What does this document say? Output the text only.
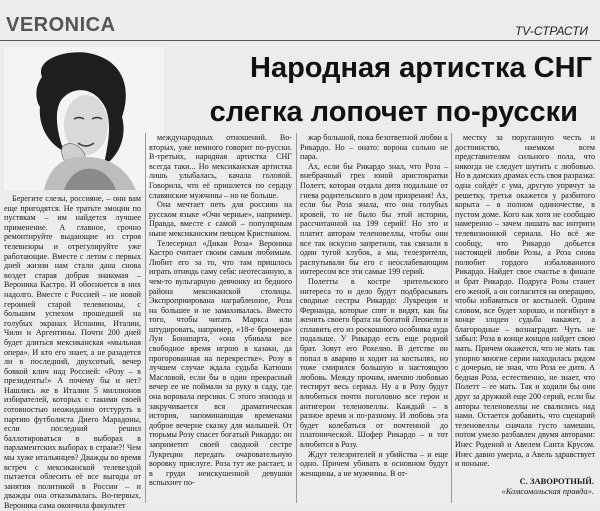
VERONICA	TV-СТРАСТИ
Народная артистка СНГ
слегка лопочет по-русски

Берегите слезы, россияне, – они вам еще пригодятся. Не тратьте эмоции по пустякам – им найдется лучшее применение. А главное, срочно ремонтируйте выдающие из строя телевизоры и отрегулируйте уже работающие. Вместе с летом с первых дней жизни нам стали дана снова воздет старая добрая знакомая – Вероника Кастро. И обосноется в них надолго. Вместе с Россией – не новой героиней старой телевизоны, с большим успехом прошедшей на голубых экранах Испании, Италии, Чили и Аргентины. Почти 200 дней будет длиться мексиканская «мыльная опера». И кто его знает, а не разадется ли в последний, двухсотый, вечер бовкой клич над Россией: «Розу – в президенты!» А почему бы и нет? Нашлись же в Италии 5 миллионов избирателей, которых с такими своей готовностью неожиданно отстуруть в партию футболиста Диего Марадоны, если последний решил баллотироваться в выборах в парламентских выборах в стране?! Чем мы хуже итальянцев? Дважды во время встреч с мексиканской телевездой пытается облесить её все выгоды от занятия политикой в России – и дважды она отказывалась. Во-первых, Вероника сама окончила факультет

международных отношений. Во-вторых, уже немного говорит по-русски. В-третьих, народная артистка СНГ всегда таки... Но мексиканская артистка лишь улыбалась, качала головой. Говорила, что её пришлется по сердцу славянские мужчины – но не больше.

Она мечтает петь для россиян на русском языке «Очи черные», например. Правда, вместе с самой – популярным ныне мексиканским певцом Кристианом.

Телесериал «Дикая Роза» Вероника Кастро считает своим самым любимым. Любит его за то, что там пришлось играть отнюдь саму себя: неотесанную, в чем-то вульгарную девчонку из бедного района мексиканской столицы. Экспроприирована награбленное, Роза на большее и не замахивалась. Вместо того, чтобы читать Маркса или штудировать, например, «18-е брюмера» Луи Бонапарта, «она убивала все свободное время игрою в казаки, да прогорованная на перекрестке». Розу в лучшем случае ждала судьба Катюши Масловой, если бы в один прекрасный вечер ее не поймали за руку в саду, где она воровала персики. С этого эпизода и закручивается вся драматическая история, напоминающая временами доброе вечерне сказку для малышей. От тюрьмы Розу спасет богатый Рикардо: он заприметит своей сводной сестре Лукреции передать очаровательную воровку прислуге. Роза тут же растает, и в груди неискушенной девушки вспыхнет по-

жар большой, пока безответной любви к Рикардо. Но – онато: ворона сольно не пара.

Ах, если бы Рикардо знал, что Роза – внебрачный грех юной аристократки Полетт, которая отдала дитя подальше от гнева родительского в дом призрения! Ах, если бы Роза знала, что она голубых кровей, то не было бы этой истории, рассчитанной на 199 серий! Но это и платит авторам теленовеллы, чтобы они все так искусно запретили, так связали в один тугой клубок, а мы, телезрители, распутывали бы его с неослабевающим интересом все эти самые 199 серий.

Полетты в костре зрительского интереса то и дело будут подбрасывать сводные сестры Рикардо: Лукреция и Фернанда, которые спят и видят, как бы женить своего брата на богатой Леонели и сплавить его из роскошного особняка куда подальше. У Рикардо есть еще родной брат. Зовут его Рохелио. В детстве он попал в аварию и ходит на костылях, но тоже смирился большую и настоящую любовь. Между прочим, именно любовью тестирут весь сериал. Ну а в Розу будут влюбиться почти поголовно все герои и антигерои теленовеллы. Каждый – в разное время и по-разному. И любовь эта будет колебаться от почтенной до платонической. Шофер Рикардо – и тот влюбится в Розу.

Ждут телезрителей и убийства – и еще одно. Причем убивать в основном будут женщины, а не мужчины. В от-

местку за поруганную честь и достоинство, наемком всем представителям сильного пола, что никогда не следует шутить с любовью. Но в дамских драмах есть своя разразка: одна сойдёт с ума, другую упрячут за решетку, третья окажется у разбитого корыта – в полном одиночестве, в пустом доме. Кого как хотя не сообщаю намеренно – зачем лишать вас интриги телевизионной сериала. Но всё же сообщу, что Рикардо добьется настоящей любви Розы, а Роза снова полюбит гордого избалованного Рикардо. Найдет свое счастье в финале и брат Рикардо. Подруга Розы станет его женой, а он согласится на операцию, чтобы избавиться от костылей. Одним словом, все будет хорошо, и погибнут в конце злодеи судьба накажет, а благородные – вознаградят. Чуть не забыл: Роза в конце концов найдет свою мать. Причем окажется, что не мать так упорно многие серии находилась рядом с дочерью, не зная, что Роза ее дитя. А бедная Роза, естественно, не знает, что Полетт – ее мать. Так и ходили бы они друг за дружкой еще 200 серий, если бы авторы теленовеллы не свалились над нами. Остается добавить, что сценарий теленовеллы сначала густо замешан, потом умело разбавлен двумя авторами: Инес Роденой и Авелем Санта Крусом. Инес давно умерла, а Авель здравствует и поныне.

С. ЗАВОРОТНЫЙ.
«Комсомольская правда».
